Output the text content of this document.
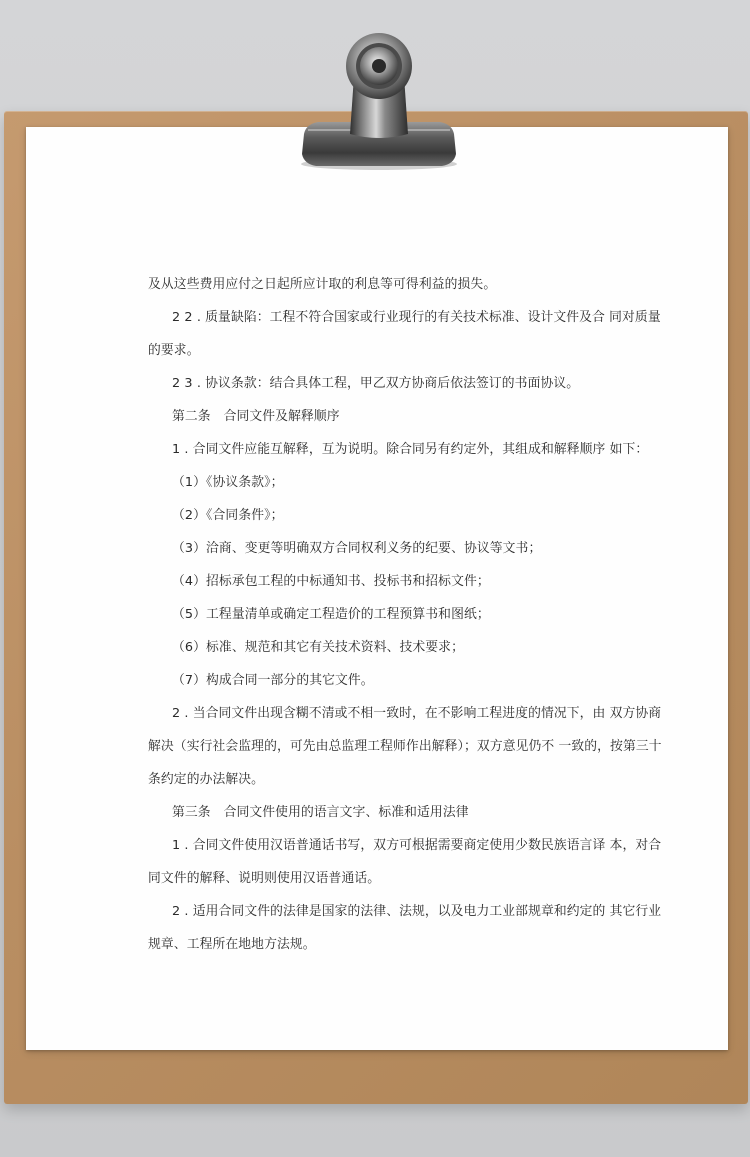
及从这些费用应付之日起所应计取的利息等可得利益的损失。
2 2 . 质量缺陷：工程不符合国家或行业现行的有关技术标准、设计文件及合 同对质量
的要求。
2 3 . 协议条款：结合具体工程，甲乙双方协商后依法签订的书面协议。
第二条　合同文件及解释顺序
1 . 合同文件应能互解释，互为说明。除合同另有约定外，其组成和解释顺序 如下：
（1）《协议条款》；
（2）《合同条件》；
（3）洽商、变更等明确双方合同权利义务的纪要、协议等文书；
（4）招标承包工程的中标通知书、投标书和招标文件；
（5）工程量清单或确定工程造价的工程预算书和图纸；
（6）标准、规范和其它有关技术资料、技术要求；
（7）构成合同一部分的其它文件。
2 . 当合同文件出现含糊不清或不相一致时，在不影响工程进度的情况下，由 双方协商
解决（实行社会监理的，可先由总监理工程师作出解释）；双方意见仍不 一致的，按第三十
条约定的办法解决。
第三条　合同文件使用的语言文字、标准和适用法律
1 . 合同文件使用汉语普通话书写，双方可根据需要商定使用少数民族语言译 本，对合
同文件的解释、说明则使用汉语普通话。
2 . 适用合同文件的法律是国家的法律、法规，以及电力工业部规章和约定的 其它行业
规章、工程所在地地方法规。
